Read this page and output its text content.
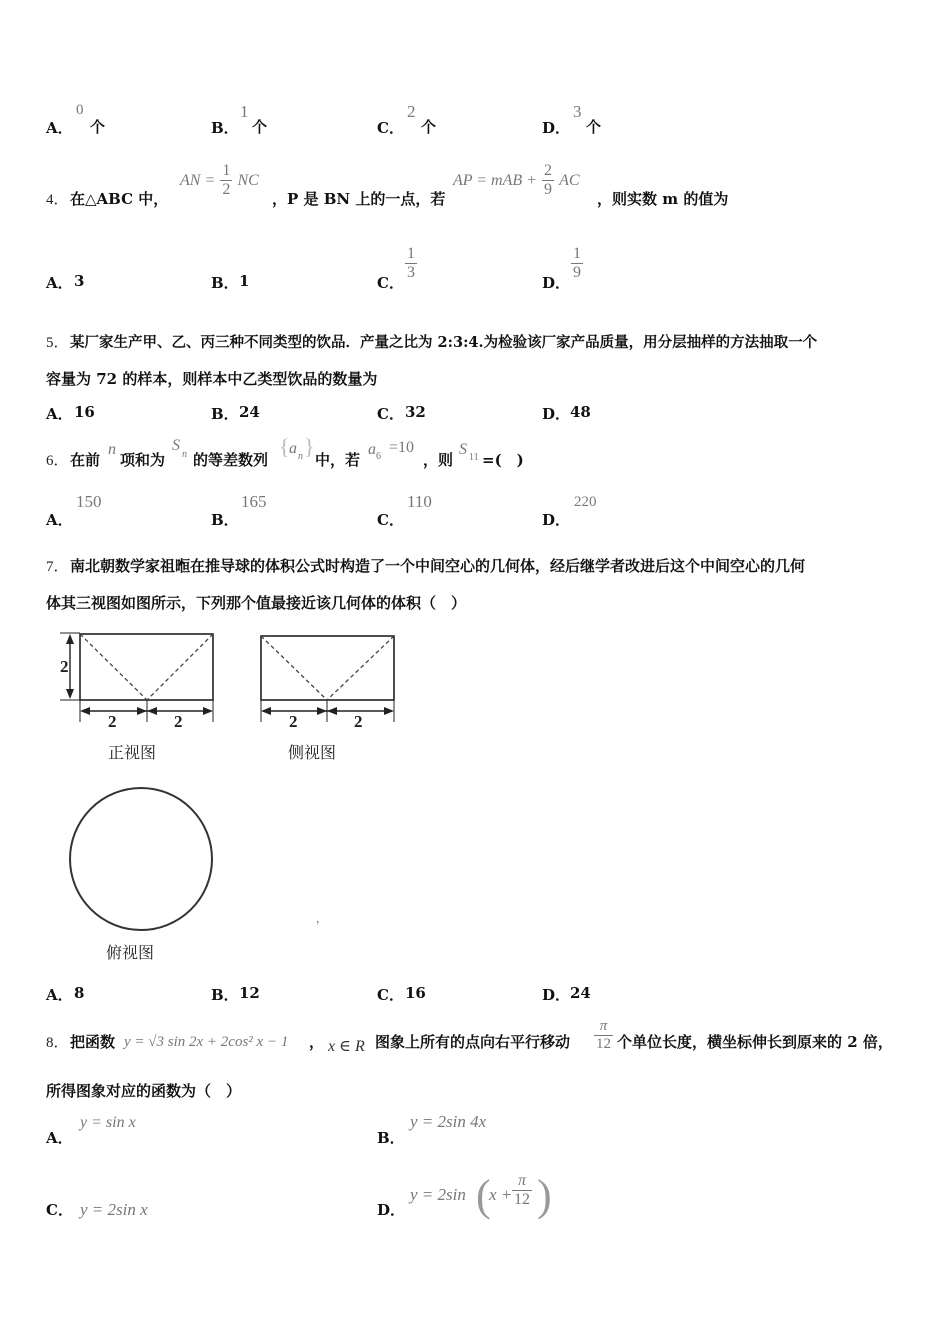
A．
0
个	B．
1
个	C．
2
个	D．
3
个
4． 在△ABC 中，
AN = $\frac{1}{2}$ NC
，P 是 BN 上的一点，若
AP = mAB + $\frac{2}{9}$ AC
，则实数 m 的值为
A． 3	B． 1	C．
$\frac{1}{3}$
D．
$\frac{1}{9}$
5． 某厂家生产甲、乙、丙三种不同类型的饮品．产量之比为 2:3:4.为检验该厂家产品质量，用分层抽样的方法抽取一个
容量为 72 的样本，则样本中乙类型饮品的数量为
A． 16	B． 24	C． 32	D． 48
6． 在前
n
项和为
S
n 的等差数列
{ a n }
中，若
a 6
=10
，则
S 11 =(　)
A．
150
B．
165
C．
110
D．
220
7． 南北朝数学家祖暅在推导球的体积公式时构造了一个中间空心的几何体，经后继学者改进后这个中间空心的几何
体其三视图如图所示，下列那个值最接近该几何体的体积（　）
2
2	2
正视图
2	2
侧视图
俯视图
，
A． 8	B． 12	C． 16	D． 24
8． 把函数 y = √3 sin 2x + 2cos² x − 1 ， x ∈ R 图象上所有的点向右平行移动 $\frac{\pi}{12}$ 个单位长度，横坐标伸长到原来的 2 倍，
所得图象对应的函数为（　）
A．
y = sin x
B．
y = 2sin 4x
C． y = 2sin x	D．
y = 2sin (
$x + \frac{\pi}{12}$ )
